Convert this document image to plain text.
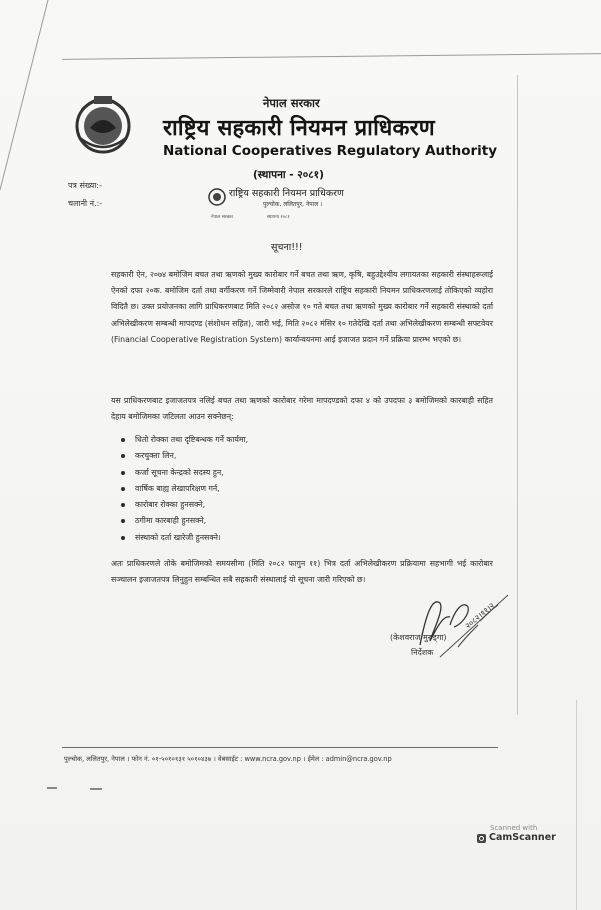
नेपाल सरकार
राष्ट्रिय सहकारी नियमन प्राधिकरण
National Cooperatives Regulatory Authority
(स्थापना - २०८१)
पत्र संख्या:-
चलानी नं.:-
राष्ट्रिय सहकारी नियमन प्राधिकरण
पुल्चोक, ललितपुर, नेपाल ।
नेपाल सरकार	स्थापना २०८१
सूचना!!!
सहकारी ऐन, २०७४ बमोजिम बचत तथा ऋणको मुख्य कारोबार गर्ने बचत तथा ऋण, कृषि, बहुउद्देश्यीय लगायतका सहकारी संस्थाहरूलाई ऐनको दफा २०क. बमोजिम दर्ता तथा वर्गीकरण गर्ने जिम्मेवारी नेपाल सरकारले राष्ट्रिय सहकारी नियमन प्राधिकरणलाई तोकिएको व्यहोरा विदितै छ। उक्त प्रयोजनका लागि प्राधिकरणबाट मिति २०८२ असोज १० गते बचत तथा ऋणको मुख्य कारोबार गर्ने सहकारी संस्थाको दर्ता अभिलेखीकरण सम्बन्धी मापदण्ड (संशोधन सहित), जारी भई, मिति २०८२ मंसिर १० गतेदेखि दर्ता तथा अभिलेखीकरण सम्बन्धी सफ्टवेयर (Financial Cooperative Registration System) कार्यान्वयनमा आई इजाजत प्रदान गर्ने प्रक्रिया प्रारम्भ भएको छ।
यस प्राधिकरणबाट इजाजतपत्र नलिई बचत तथा ऋणको कारोबार गरेमा मापदण्डको दफा ४ को उपदफा ३ बमोजिमको कारबाही सहित देहाय बमोजिमका जटिलता आउन सक्नेछन्:
धितो रोक्का तथा दृष्टिबन्धक गर्ने कार्यमा,
करचुक्ता लिन,
कर्जा सूचना केन्द्रको सदस्य हुन,
वार्षिक बाह्य लेखापरिक्षण गर्न,
कारोबार रोक्का हुनसक्ने,
ठगीमा कारबाही हुनसक्ने,
संस्थाको दर्ता खारेजी हुनसक्ने।
अतः प्राधिकरणले तोके बमोजिमको समयसीमा (मिति २०८२ फागुन ११) भित्र दर्ता अभिलेखीकरण प्रक्रियामा सहभागी भई कारोबार सञ्चालन इजाजतपत्र लिनुहुन सम्बन्धित सबै सहकारी संस्थालाई यो सूचना जारी गरिएको छ।
२०८२।११।२
(केशवराज मुरुड्गा)
निर्देशक
पुल्चोक, ललितपुर, नेपाल । फोन नं. ०१-५०१०१३१ ५०१०४३७ । वेबसाईट : www.ncra.gov.np । ईमेल : admin@ncra.gov.np
Scanned with
CamScanner
